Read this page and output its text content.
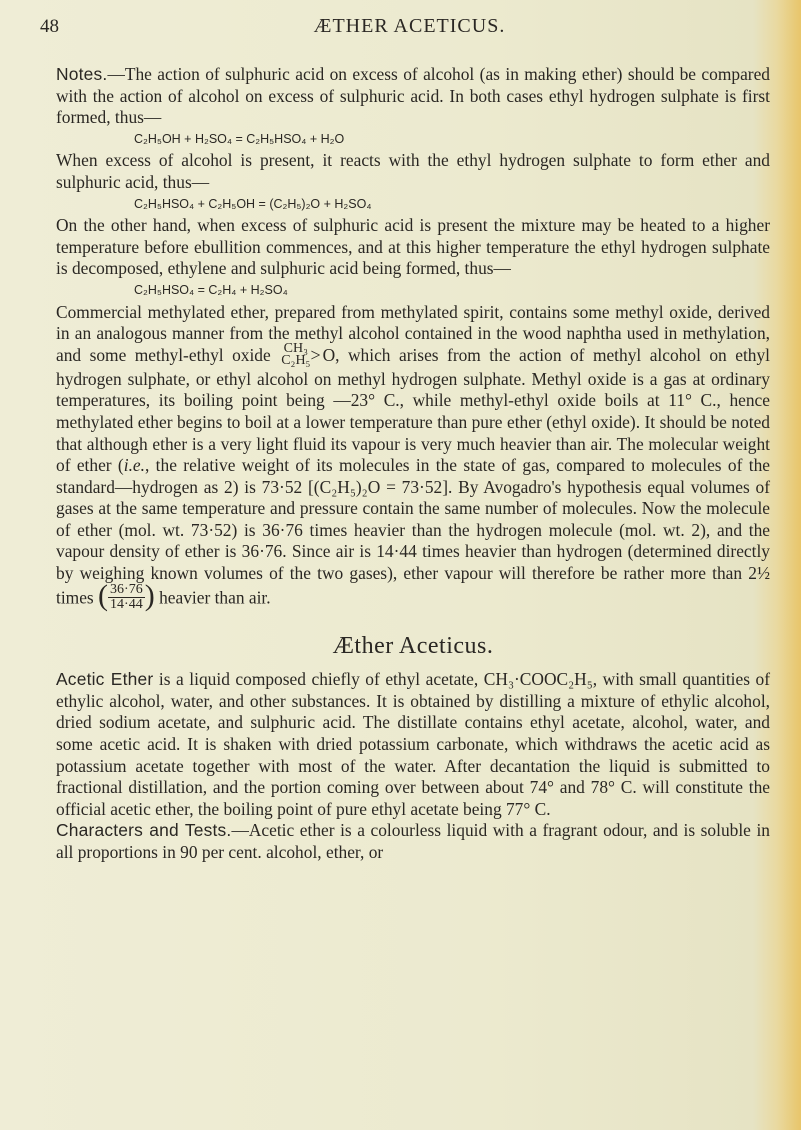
48	ÆTHER ACETICUS.

Notes.—The action of sulphuric acid on excess of alcohol (as in making ether) should be compared with the action of alcohol on excess of sulphuric acid. In both cases ethyl hydrogen sulphate is first formed, thus—

C₂H₅OH + H₂SO₄ = C₂H₅HSO₄ + H₂O

When excess of alcohol is present, it reacts with the ethyl hydrogen sulphate to form ether and sulphuric acid, thus—

C₂H₅HSO₄ + C₂H₅OH = (C₂H₅)₂O + H₂SO₄

On the other hand, when excess of sulphuric acid is present the mixture may be heated to a higher temperature before ebullition commences, and at this higher temperature the ethyl hydrogen sulphate is decomposed, ethylene and sulphuric acid being formed, thus—

C₂H₅HSO₄ = C₂H₄ + H₂SO₄

Commercial methylated ether, prepared from methylated spirit, contains some methyl oxide, derived in an analogous manner from the methyl alcohol contained in the wood naphtha used in methylation, and some methyl-ethyl oxide CH₃
C₂H₅ > O, which arises from the action of methyl alcohol on ethyl hydrogen sulphate, or ethyl alcohol on methyl hydrogen sulphate. Methyl oxide is a gas at ordinary temperatures, its boiling point being —23° C., while methyl-ethyl oxide boils at 11° C., hence methylated ether begins to boil at a lower temperature than pure ether (ethyl oxide). It should be noted that although ether is a very light fluid its vapour is very much heavier than air. The molecular weight of ether (i.e., the relative weight of its molecules in the state of gas, compared to molecules of the standard—hydrogen as 2) is 73·52 [(C₂H₅)₂O = 73·52]. By Avogadro's hypothesis equal volumes of gases at the same temperature and pressure contain the same number of molecules. Now the molecule of ether (mol. wt. 73·52) is 36·76 times heavier than the hydrogen molecule (mol. wt. 2), and the vapour density of ether is 36·76. Since air is 14·44 times heavier than hydrogen (determined directly by weighing known volumes of the two gases), ether vapour will therefore be rather more than 2½ times ( $\frac{36\cdot 76}{14\cdot 44}$ ) heavier than air.

Æther Aceticus.

Acetic Ether is a liquid composed chiefly of ethyl acetate, CH₃·COOC₂H₅, with small quantities of ethylic alcohol, water, and other substances. It is obtained by distilling a mixture of ethylic alcohol, dried sodium acetate, and sulphuric acid. The distillate contains ethyl acetate, alcohol, water, and some acetic acid. It is shaken with dried potassium carbonate, which withdraws the acetic acid as potassium acetate together with most of the water. After decantation the liquid is submitted to fractional distillation, and the portion coming over between about 74° and 78° C. will constitute the official acetic ether, the boiling point of pure ethyl acetate being 77° C.

Characters and Tests.—Acetic ether is a colourless liquid with a fragrant odour, and is soluble in all proportions in 90 per cent. alcohol, ether, or
